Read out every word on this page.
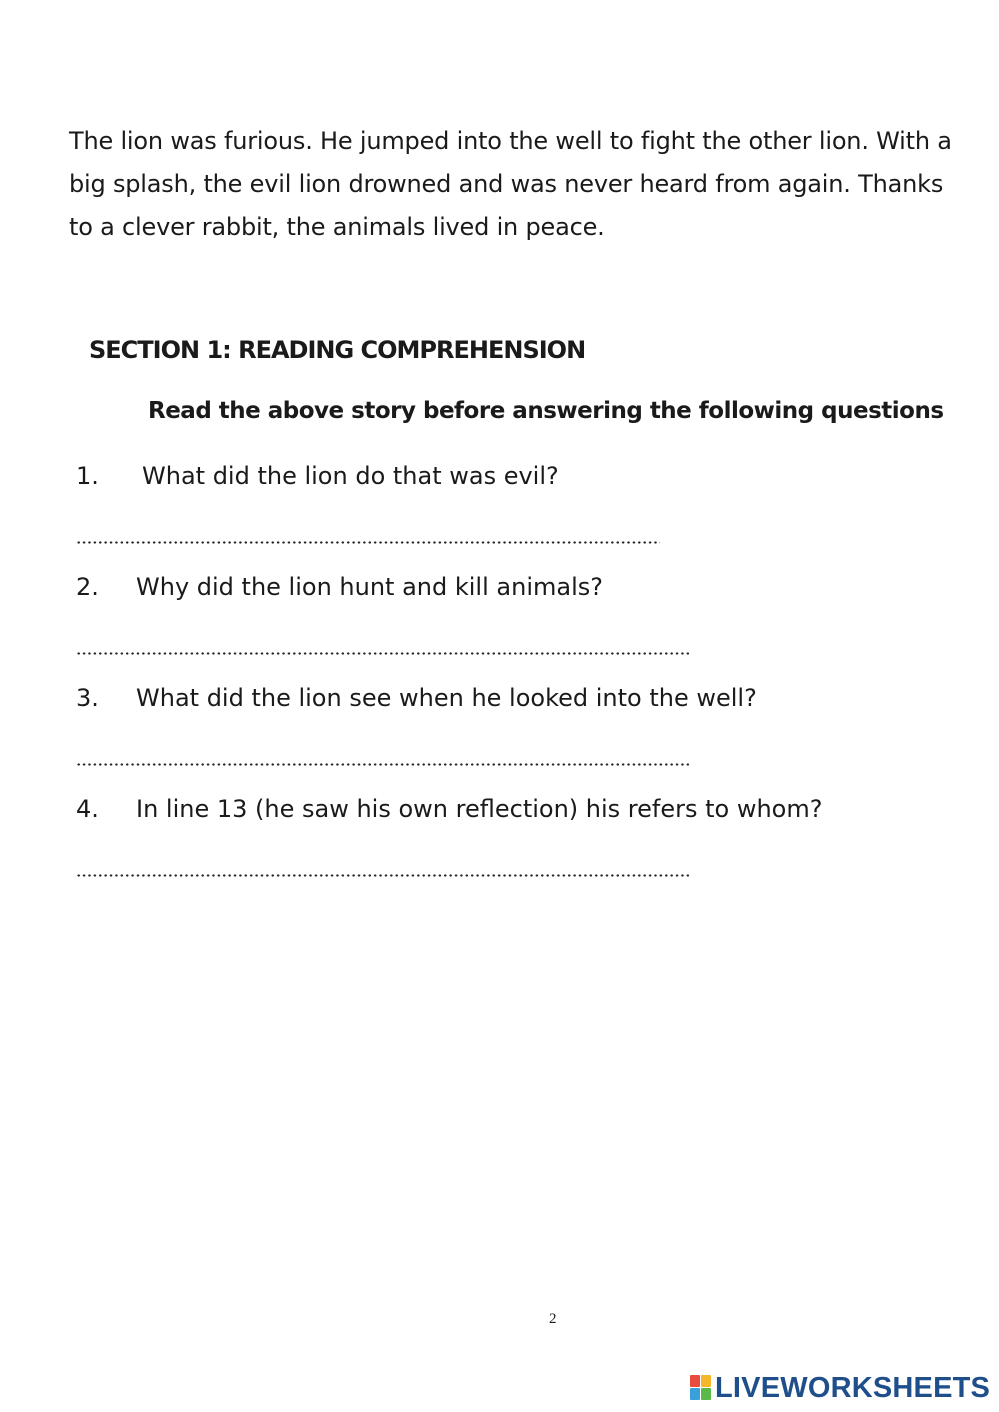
The lion was furious. He jumped into the well to fight the other lion. With a big splash, the evil lion drowned and was never heard from again. Thanks to a clever rabbit, the animals lived in peace.

SECTION 1: READING COMPREHENSION

Read the above story before answering the following questions

1. What did the lion do that was evil?
2. Why did the lion hunt and kill animals?
3. What did the lion see when he looked into the well?
4. In line 13 (he saw his own reflection) his refers to whom?

2

LIVEWORKSHEETS
